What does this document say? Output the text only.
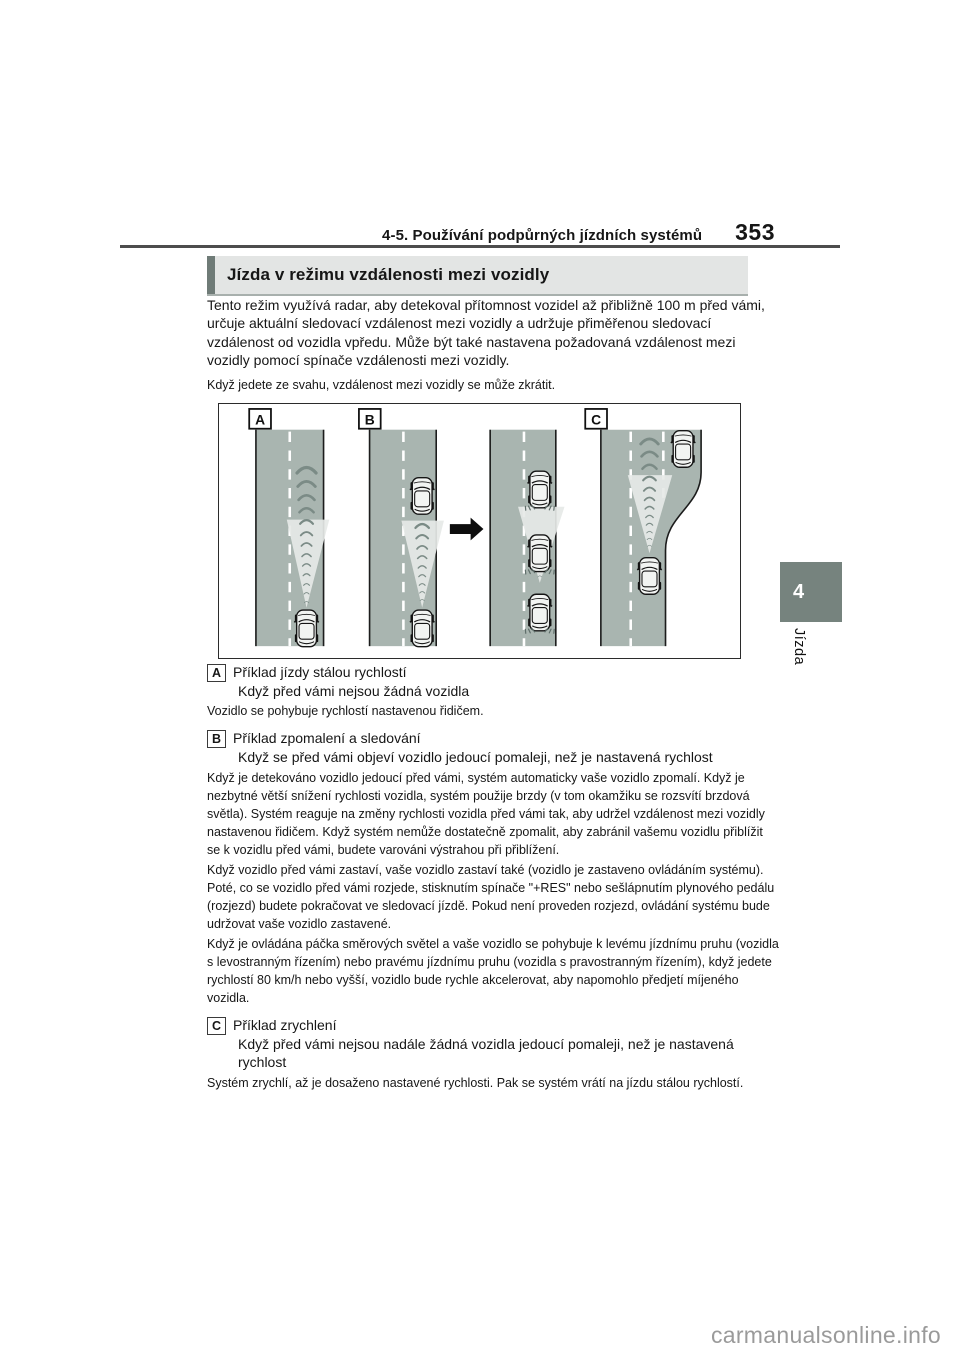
4-5. Používání podpůrných jízdních systémů 353
Jízda v režimu vzdálenosti mezi vozidly
Tento režim využívá radar, aby detekoval přítomnost vozidel až přibližně 100 m před vámi, určuje aktuální sledovací vzdálenost mezi vozidly a udržuje přiměřenou sledovací vzdálenost od vozidla vpředu. Může být také nastavena požadovaná vzdálenost mezi vozidly pomocí spínače vzdálenosti mezi vozidly.
Když jedete ze svahu, vzdálenost mezi vozidly se může zkrátit.
A	B	C
A Příklad jízdy stálou rychlostí
Když před vámi nejsou žádná vozidla

Vozidlo se pohybuje rychlostí nastavenou řidičem.

B Příklad zpomalení a sledování
Když se před vámi objeví vozidlo jedoucí pomaleji, než je nastavená rychlost

Když je detekováno vozidlo jedoucí před vámi, systém automaticky vaše vozidlo zpomalí. Když je nezbytné větší snížení rychlosti vozidla, systém použije brzdy (v tom okamžiku se rozsvítí brzdová světla). Systém reaguje na změny rychlosti vozidla před vámi tak, aby udržel vzdálenost mezi vozidly nastavenou řidičem. Když systém nemůže dostatečně zpomalit, aby zabránil vašemu vozidlu přiblížit se k vozidlu před vámi, budete varováni výstrahou při přiblížení.

Když vozidlo před vámi zastaví, vaše vozidlo zastaví také (vozidlo je zastaveno ovládáním systému). Poté, co se vozidlo před vámi rozjede, stisknutím spínače "+RES" nebo sešlápnutím plynového pedálu (rozjezd) budete pokračovat ve sledovací jízdě. Pokud není proveden rozjezd, ovládání systému bude udržovat vaše vozidlo zastavené.

Když je ovládána páčka směrových světel a vaše vozidlo se pohybuje k levému jízdnímu pruhu (vozidla s levostranným řízením) nebo pravému jízdnímu pruhu (vozidla s pravostranným řízením), když jedete rychlostí 80 km/h nebo vyšší, vozidlo bude rychle akcelerovat, aby napomohlo předjetí míjeného vozidla.

C Příklad zrychlení
Když před vámi nejsou nadále žádná vozidla jedoucí pomaleji, než je nastavená rychlost

Systém zrychlí, až je dosaženo nastavené rychlosti. Pak se systém vrátí na jízdu stálou rychlostí.

4
Jízda
carmanualsonline.info
